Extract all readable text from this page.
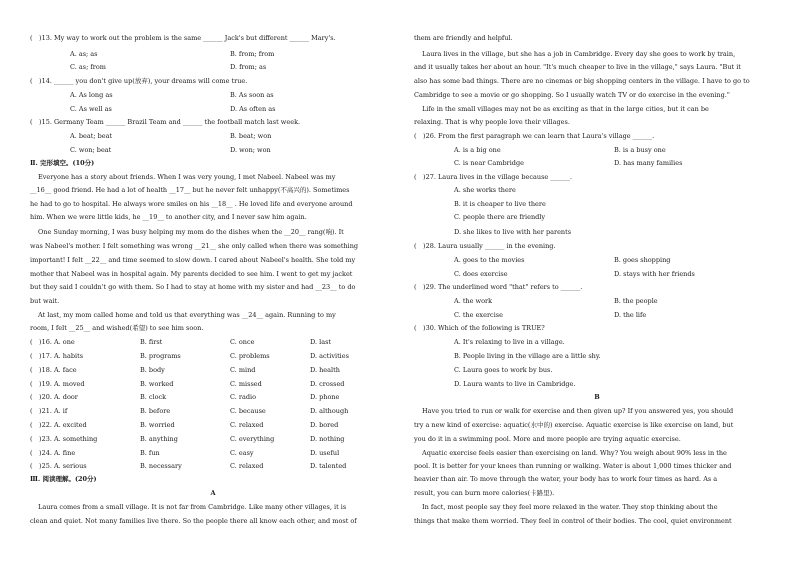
(　)13. My way to work out the problem is the same ______ Jack's but different ______ Mary's.
A. as; as	B. from; from
C. as; from	D. from; as
(　)14. ______ you don't give up(放弃), your dreams will come true.
A. As long as	B. As soon as
C. As well as	D. As often as
(　)15. Germany Team ______ Brazil Team and ______ the football match last week.
A. beat; beat	B. beat; won
C. won; beat	D. won; won
Ⅱ. 完形填空。(10分)
Everyone has a story about friends. When I was very young, I met Nabeel. Nabeel was my
__16__ good friend. He had a lot of health __17__ but he never felt unhappy(不高兴的). Sometimes
he had to go to hospital. He always wore smiles on his __18__ . He loved life and everyone around
him. When we were little kids, he __19__ to another city, and I never saw him again.
One Sunday morning, I was busy helping my mom do the dishes when the __20__ rang(响). It
was Nabeel's mother. I felt something was wrong __21__ she only called when there was something
important! I felt __22__ and time seemed to slow down. I cared about Nabeel's health. She told my
mother that Nabeel was in hospital again. My parents decided to see him. I went to get my jacket
but they said I couldn't go with them. So I had to stay at home with my sister and had __23__ to do
but wait.
At last, my mom called home and told us that everything was __24__ again. Running to my
room, I felt __25__ and wished(希望) to see him soon.
(　)16. A. one	B. first	C. once	D. last
(　)17. A. habits	B. programs	C. problems	D. activities
(　)18. A. face	B. body	C. mind	D. health
(　)19. A. moved	B. worked	C. missed	D. crossed
(　)20. A. door	B. clock	C. radio	D. phone
(　)21. A. if	B. before	C. because	D. although
(　)22. A. excited	B. worried	C. relaxed	D. bored
(　)23. A. something	B. anything	C. everything	D. nothing
(　)24. A. fine	B. fun	C. easy	D. useful
(　)25. A. serious	B. necessary	C. relaxed	D. talented
Ⅲ. 阅读理解。(20分)
A
Laura comes from a small village. It is not far from Cambridge. Like many other villages, it is
clean and quiet. Not many families live there. So the people there all know each other, and most of
them are friendly and helpful.
Laura lives in the village, but she has a job in Cambridge. Every day she goes to work by train,
and it usually takes her about an hour. "It's much cheaper to live in the village," says Laura. "But it
also has some bad things. There are no cinemas or big shopping centers in the village. I have to go to
Cambridge to see a movie or go shopping. So I usually watch TV or do exercise in the evening."
Life in the small villages may not be as exciting as that in the large cities, but it can be
relaxing. That is why people love their villages.
(　)26. From the first paragraph we can learn that Laura's village ______.
A. is a big one	B. is a busy one
C. is near Cambridge	D. has many families
(　)27. Laura lives in the village because ______.
A. she works there
B. it is cheaper to live there
C. people there are friendly
D. she likes to live with her parents
(　)28. Laura usually ______ in the evening.
A. goes to the movies	B. goes shopping
C. does exercise	D. stays with her friends
(　)29. The underlined word "that" refers to ______.
A. the work	B. the people
C. the exercise	D. the life
(　)30. Which of the following is TRUE?
A. It's relaxing to live in a village.
B. People living in the village are a little shy.
C. Laura goes to work by bus.
D. Laura wants to live in Cambridge.
B
Have you tried to run or walk for exercise and then given up? If you answered yes, you should
try a new kind of exercise: aquatic(水中的) exercise. Aquatic exercise is like exercise on land, but
you do it in a swimming pool. More and more people are trying aquatic exercise.
Aquatic exercise feels easier than exercising on land. Why? You weigh about 90% less in the
pool. It is better for your knees than running or walking. Water is about 1,000 times thicker and
heavier than air. To move through the water, your body has to work four times as hard. As a
result, you can burn more calories(卡路里).
In fact, most people say they feel more relaxed in the water. They stop thinking about the
things that make them worried. They feel in control of their bodies. The cool, quiet environment
